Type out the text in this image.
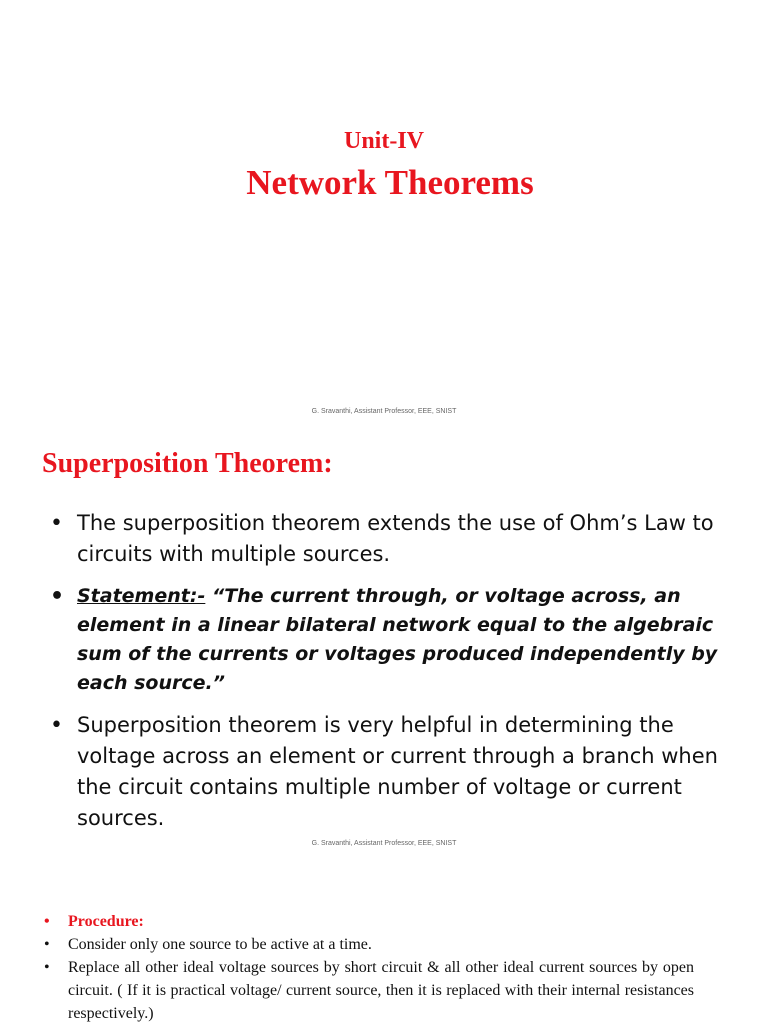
Unit-IV
Network Theorems
G. Sravanthi, Assistant Professor, EEE, SNIST
Superposition Theorem:
• The superposition theorem extends the use of Ohm’s Law to circuits with multiple sources.
• Statement:- “The current through, or voltage across, an element in a linear bilateral network equal to the algebraic sum of the currents or voltages produced independently by each source.”
• Superposition theorem is very helpful in determining the voltage across an element or current through a branch when the circuit contains multiple number of voltage or current sources.
G. Sravanthi, Assistant Professor, EEE, SNIST
• Procedure:
• Consider only one source to be active at a time.
• Replace all other ideal voltage sources by short circuit & all other ideal current sources by open circuit. ( If it is practical voltage/ current source, then it is replaced with their internal resistances respectively.)
